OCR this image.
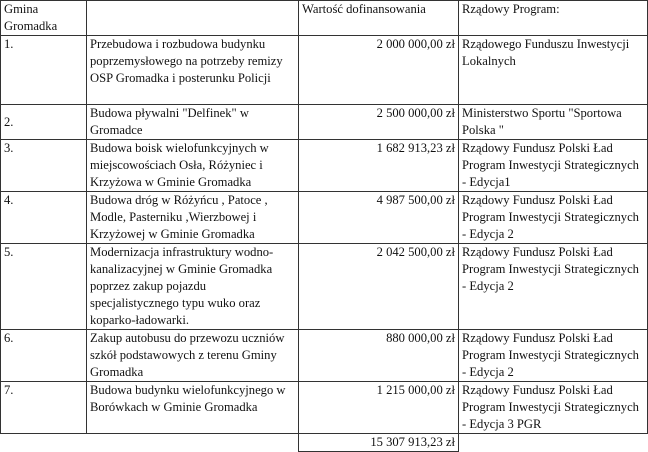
Gmina Gromadka		Wartość dofinansowania	Rządowy Program:
1.	Przebudowa i rozbudowa budynku poprzemysłowego na potrzeby remizy OSP Gromadka i posterunku Policji	2 000 000,00 zł	Rządowego Funduszu Inwestycji Lokalnych
2.	Budowa pływalni "Delfinek" w Gromadce	2 500 000,00 zł	Ministerstwo Sportu "Sportowa Polska "
3.	Budowa boisk wielofunkcyjnych w miejscowościach Osła, Różyniec i Krzyżowa w Gminie Gromadka	1 682 913,23 zł	Rządowy Fundusz Polski Ład Program Inwestycji Strategicznych - Edycja1
4.	Budowa dróg w Różyńcu , Patoce , Modle, Pasterniku ,Wierzbowej i Krzyżowej w Gminie Gromadka	4 987 500,00 zł	Rządowy Fundusz Polski Ład Program Inwestycji Strategicznych - Edycja 2
5.	Modernizacja infrastruktury wodno-kanalizacyjnej w Gminie Gromadka poprzez zakup pojazdu specjalistycznego typu wuko oraz koparko-ładowarki.	2 042 500,00 zł	Rządowy Fundusz Polski Ład Program Inwestycji Strategicznych - Edycja 2
6.	Zakup autobusu do przewozu uczniów szkół podstawowych z terenu Gminy Gromadka	880 000,00 zł	Rządowy Fundusz Polski Ład Program Inwestycji Strategicznych - Edycja 2
7.	Budowa budynku wielofunkcyjnego w Borówkach w Gminie Gromadka	1 215 000,00 zł	Rządowy Fundusz Polski Ład Program Inwestycji Strategicznych - Edycja 3 PGR
		15 307 913,23 zł	
